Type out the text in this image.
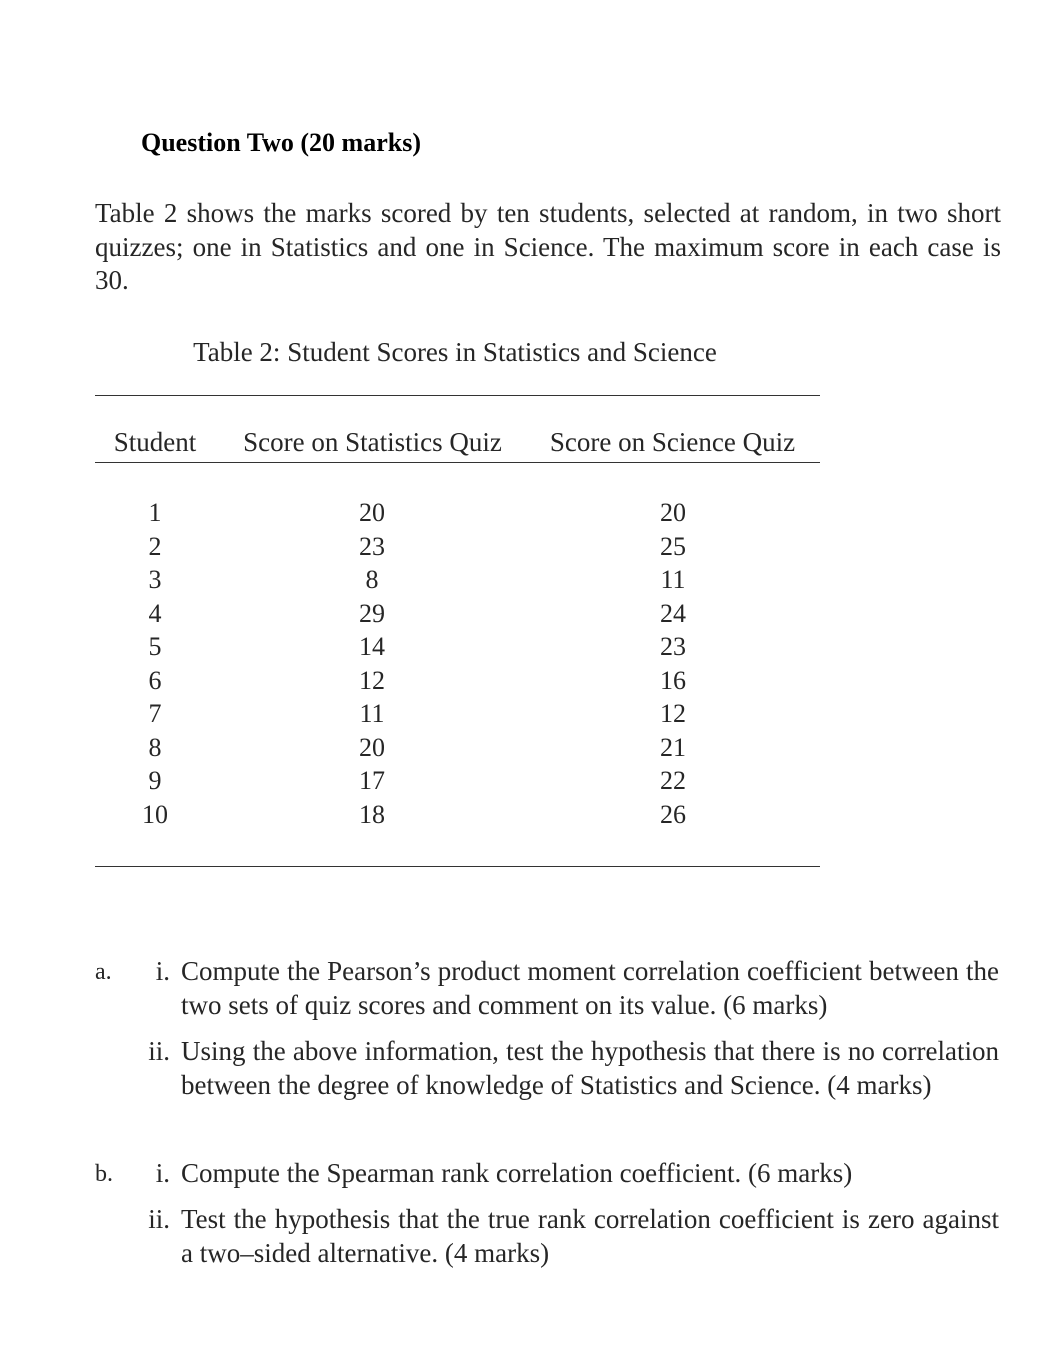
Question Two (20 marks)
Table 2 shows the marks scored by ten students, selected at random, in two short quizzes; one in Statistics and one in Science. The maximum score in each case is 30.
Table 2: Student Scores in Statistics and Science
Student	Score on Statistics Quiz	Score on Science Quiz
1	20	20
2	23	25
3	8	11
4	29	24
5	14	23
6	12	16
7	11	12
8	20	21
9	17	22
10	18	26
a.	i. Compute the Pearson’s product moment correlation coefficient between the two sets of quiz scores and comment on its value. (6 marks)
ii. Using the above information, test the hypothesis that there is no correlation between the degree of knowledge of Statistics and Science. (4 marks)
b.	i. Compute the Spearman rank correlation coefficient. (6 marks)
ii. Test the hypothesis that the true rank correlation coefficient is zero against a two–sided alternative. (4 marks)
